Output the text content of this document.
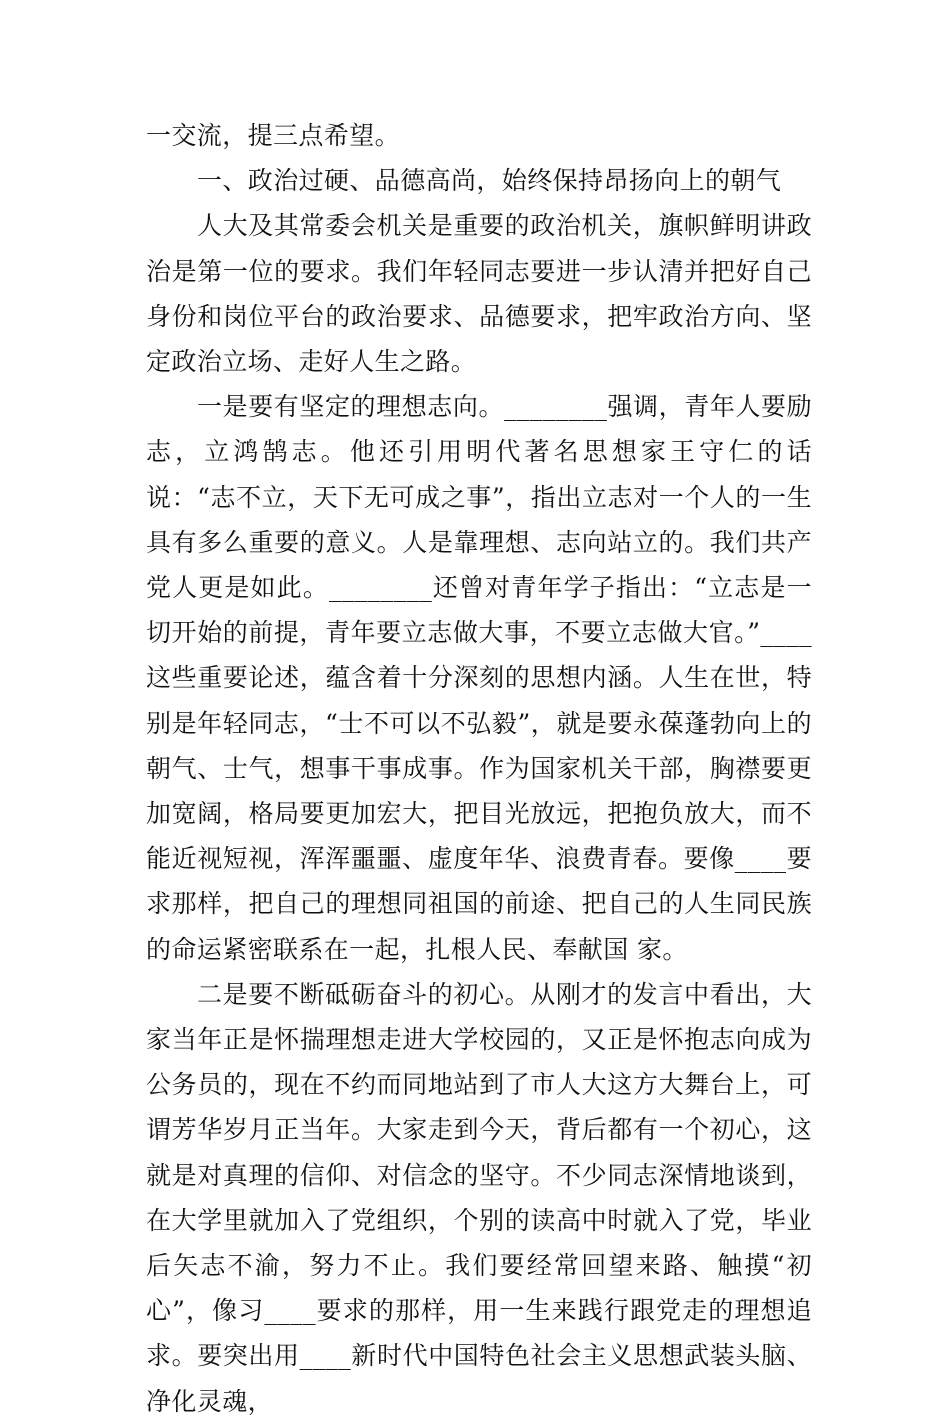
一交流，提三点希望。

一、政治过硬、品德高尚，始终保持昂扬向上的朝气

人大及其常委会机关是重要的政治机关，旗帜鲜明讲政治是第一位的要求。我们年轻同志要进一步认清并把好自己身份和岗位平台的政治要求、品德要求，把牢政治方向、坚定政治立场、走好人生之路。

一是要有坚定的理想志向。________强调，青年人要励志，立鸿鹄志。他还引用明代著名思想家王守仁的话说：“志不立，天下无可成之事”，指出立志对一个人的一生具有多么重要的意义。人是靠理想、志向站立的。我们共产党人更是如此。________还曾对青年学子指出：“立志是一切开始的前提，青年要立志做大事，不要立志做大官。”____这些重要论述，蕴含着十分深刻的思想内涵。人生在世，特别是年轻同志，“士不可以不弘毅”，就是要永葆蓬勃向上的朝气、士气，想事干事成事。作为国家机关干部，胸襟要更加宽阔，格局要更加宏大，把目光放远，把抱负放大，而不能近视短视，浑浑噩噩、虚度年华、浪费青春。要像____要求那样，把自己的理想同祖国的前途、把自己的人生同民族的命运紧密联系在一起，扎根人民、奉献国 家。

二是要不断砥砺奋斗的初心。从刚才的发言中看出，大家当年正是怀揣理想走进大学校园的，又正是怀抱志向成为公务员的，现在不约而同地站到了市人大这方大舞台上，可谓芳华岁月正当年。大家走到今天，背后都有一个初心，这就是对真理的信仰、对信念的坚守。不少同志深情地谈到，在大学里就加入了党组织，个别的读高中时就入了党，毕业后矢志不渝，努力不止。我们要经常回望来路、触摸“初心”，像习____要求的那样，用一生来践行跟党走的理想追求。要突出用____新时代中国特色社会主义思想武装头脑、净化灵魂，
